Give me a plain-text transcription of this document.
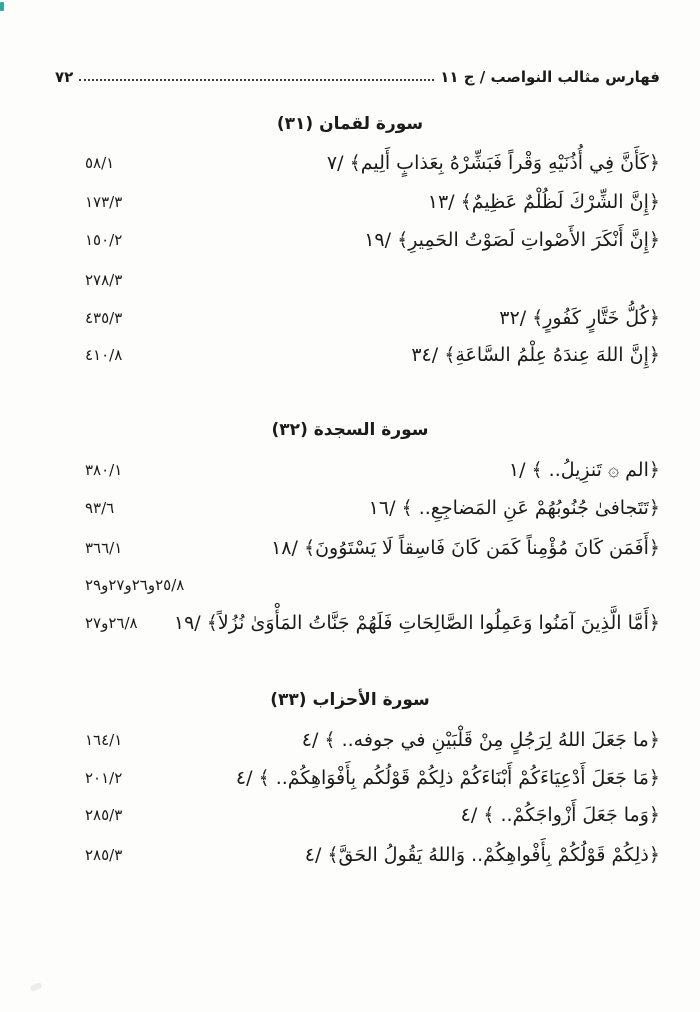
فهارس مثالب النواصب / ج ١١
٧٢
سورة لقمان (٣١)
﴿كَأَنَّ فِي أُذُنَيْهِ وَقْراً فَبَشِّرْهُ بِعَذابٍ أَلِيم﴾ /٧
٥٨/١
﴿إِنَّ الشِّرْكَ لَظُلْمٌ عَظِيمٌ﴾ /١٣
١٧٣/٣
﴿إِنَّ أَنْكَرَ الأَصْواتِ لَصَوْتُ الحَمِيرِ﴾ /١٩
١٥٠/٢
٢٧٨/٣
﴿كُلُّ خَتَّارٍ كَفُورٍ﴾ /٣٢
٤٣٥/٣
﴿إِنَّ اللهَ عِندَهُ عِلْمُ السَّاعَةِ﴾ /٣٤
٤١٠/٨
سورة السجدة (٣٢)
﴿الم ۞ تَنزِيلُ.. ﴾ /١
٣٨٠/١
﴿تَتَجافىٰ جُنُوبُهُمْ عَنِ المَضاجِعِ.. ﴾ /١٦
٩٣/٦
﴿أَفَمَن كَانَ مُؤْمِناً كَمَن كَانَ فَاسِقاً لَا يَسْتَوُونَ﴾ /١٨
٣٦٦/١
٢٥/٨و٢٦و٢٧و٢٩
﴿أَمَّا الَّذِينَ آمَنُوا وَعَمِلُوا الصَّالِحَاتِ فَلَهُمْ جَنَّاتُ المَأْوَىٰ نُزُلاً﴾ /١٩
٢٦/٨و٢٧
سورة الأحزاب (٣٣)
﴿ما جَعَلَ اللهُ لِرَجُلٍ مِنْ قَلْبَيْنِ في جوفه.. ﴾ /٤
١٦٤/١
﴿مَا جَعَلَ أَدْعِيَاءَكُمْ أَبْنَاءَكُمْ ذلِكُمْ قَوْلُكُم بِأَفْوَاهِكُمْ.. ﴾ /٤
٢٠١/٢
﴿وَما جَعَلَ أَزْواجَكُمْ.. ﴾ /٤
٢٨٥/٣
﴿ذلِكُمْ قَوْلُكُمْ بِأَفْواهِكُمْ.. وَاللهُ يَقُولُ الحَقَّ﴾ /٤
٢٨٥/٣
